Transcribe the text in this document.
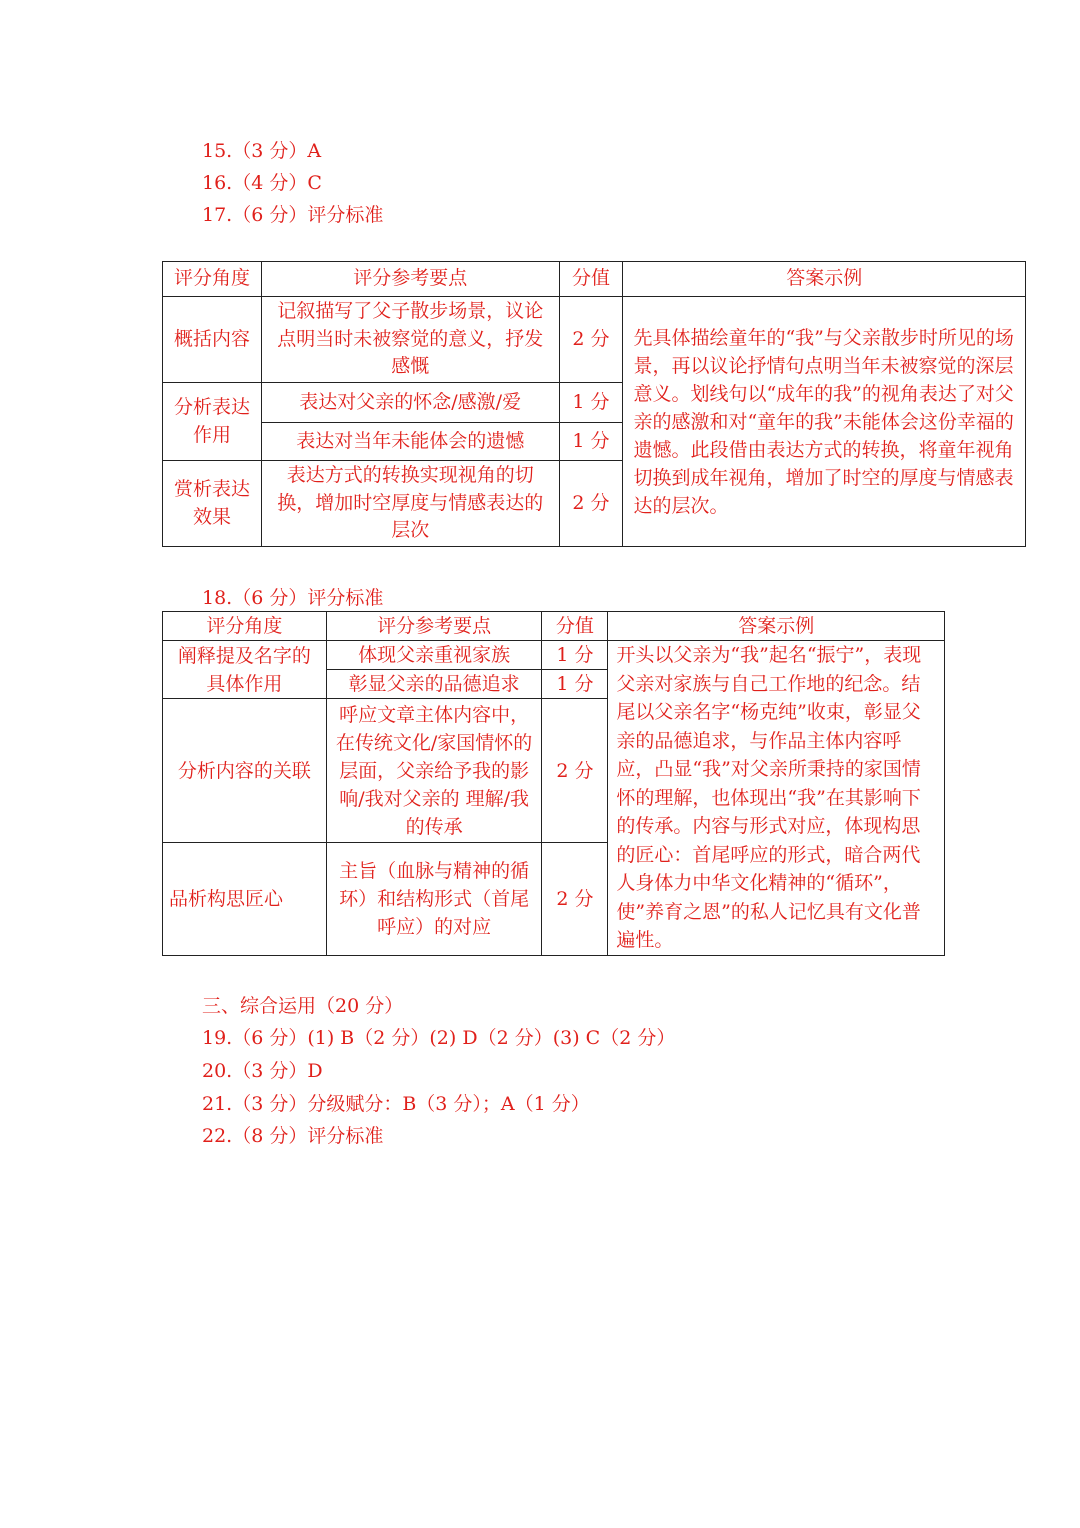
15.（3 分）A
16.（4 分）C
17.（6 分）评分标准
评分角度	评分参考要点	分值	答案示例
概括内容	记叙描写了父子散步场景，议论点明当时未被察觉的意义，抒发感慨	2 分	先具体描绘童年的“我”与父亲散步时所见的场景，再以议论抒情句点明当年未被察觉的深层意义。划线句以“成年的我”的视角表达了对父亲的感激和对“童年的我”未能体会这份幸福的遗憾。此段借由表达方式的转换，将童年视角切换到成年视角，增加了时空的厚度与情感表达的层次。
分析表达作用	表达对父亲的怀念/感激/爱	1 分	
	表达对当年未能体会的遗憾	1 分	
赏析表达效果	表达方式的转换实现视角的切换，增加时空厚度与情感表达的层次	2 分	
18.（6 分）评分标准
评分角度	评分参考要点	分值	答案示例
阐释提及名字的具体作用	体现父亲重视家族	1 分	开头以父亲为“我”起名“振宁”，表现父亲对家族与自己工作地的纪念。结尾以父亲名字“杨克纯”收束，彰显父亲的品德追求，与作品主体内容呼应，凸显“我”对父亲所秉持的家国情怀的理解，也体现出“我”在其影响下的传承。内容与形式对应，体现构思的匠心：首尾呼应的形式，暗合两代人身体力中华文化精神的“循环”，使”养育之恩”的私人记忆具有文化普遍性。
	彰显父亲的品德追求	1 分	
分析内容的关联	呼应文章主体内容中，在传统文化/家国情怀的层面，父亲给予我的影响/我对父亲的 理解/我的传承	2 分	
品析构思匠心	主旨（血脉与精神的循环）和结构形式（首尾呼应）的对应	2 分	
三、综合运用（20 分）
19.（6 分）(1) B（2 分）(2) D（2 分）(3) C（2 分）
20.（3 分）D
21.（3 分）分级赋分：B（3 分）；A（1 分）
22.（8 分）评分标准
